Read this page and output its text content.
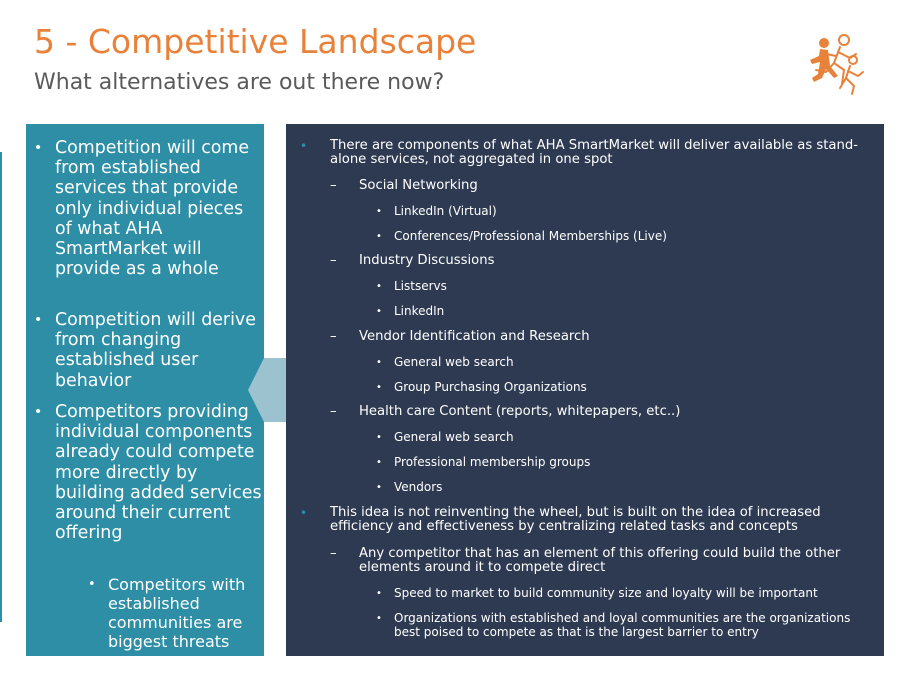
5 - Competitive Landscape
What alternatives are out there now?
• Competition will come from established services that provide only individual pieces of what AHA SmartMarket will provide as a whole
• Competition will derive from changing established user behavior
• Competitors providing individual components already could compete more directly by building added services around their current offering
• Competitors with established communities are biggest threats
• There are components of what AHA SmartMarket will deliver available as stand-alone services, not aggregated in one spot
– Social Networking
• LinkedIn (Virtual)
• Conferences/Professional Memberships (Live)
– Industry Discussions
• Listservs
• LinkedIn
– Vendor Identification and Research
• General web search
• Group Purchasing Organizations
– Health care Content (reports, whitepapers, etc..)
• General web search
• Professional membership groups
• Vendors
• This idea is not reinventing the wheel, but is built on the idea of increased efficiency and effectiveness by centralizing related tasks and concepts
– Any competitor that has an element of this offering could build the other elements around it to compete direct
• Speed to market to build community size and loyalty will be important
• Organizations with established and loyal communities are the organizations best poised to compete as that is the largest barrier to entry
